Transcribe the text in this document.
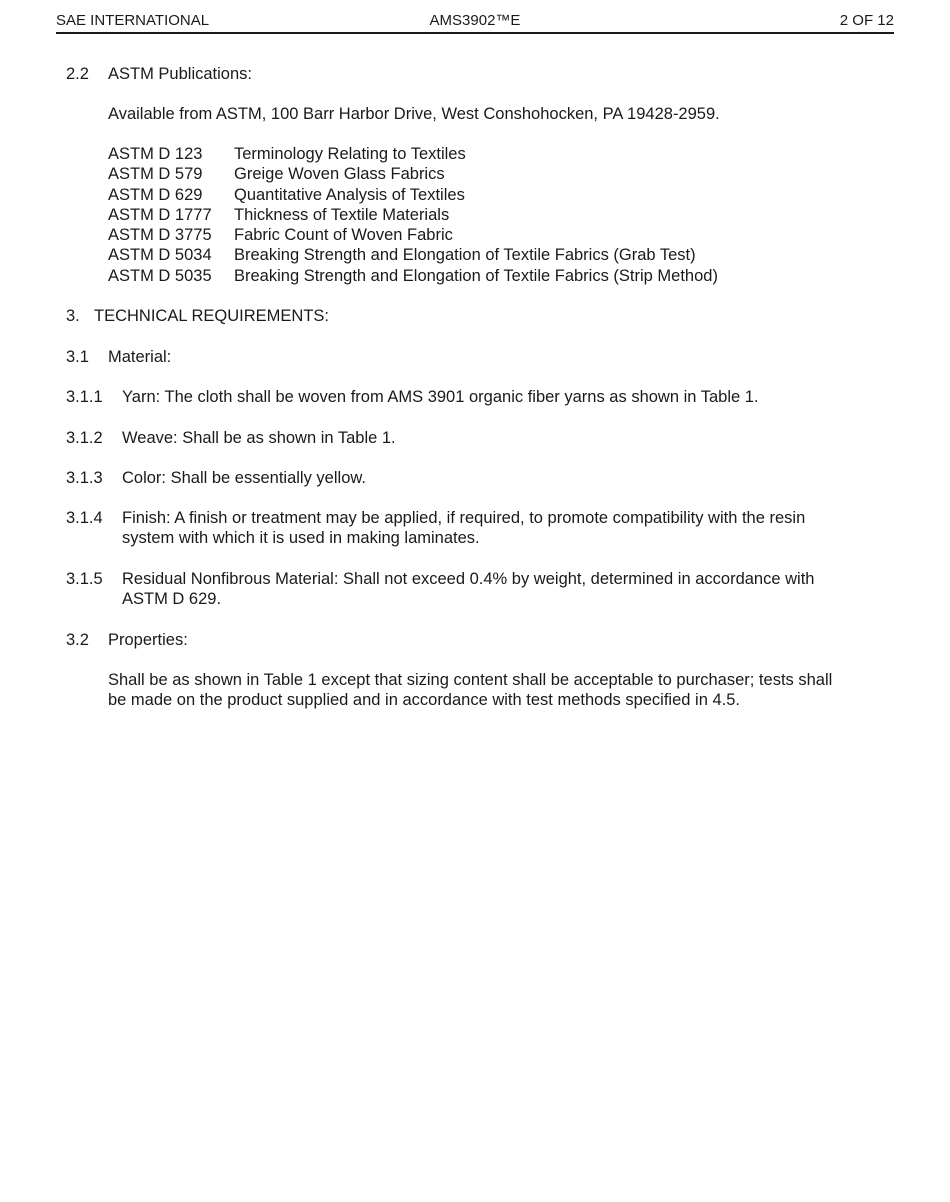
SAE INTERNATIONAL	AMS3902™E	2 OF 12
2.2 ASTM Publications:
Available from ASTM, 100 Barr Harbor Drive, West Conshohocken, PA 19428-2959.
ASTM D 123 Terminology Relating to Textiles
ASTM D 579 Greige Woven Glass Fabrics
ASTM D 629 Quantitative Analysis of Textiles
ASTM D 1777 Thickness of Textile Materials
ASTM D 3775 Fabric Count of Woven Fabric
ASTM D 5034 Breaking Strength and Elongation of Textile Fabrics (Grab Test)
ASTM D 5035 Breaking Strength and Elongation of Textile Fabrics (Strip Method)
3. TECHNICAL REQUIREMENTS:
3.1 Material:
3.1.1 Yarn: The cloth shall be woven from AMS 3901 organic fiber yarns as shown in Table 1.
3.1.2 Weave: Shall be as shown in Table 1.
3.1.3 Color: Shall be essentially yellow.
3.1.4 Finish: A finish or treatment may be applied, if required, to promote compatibility with the resin
system with which it is used in making laminates.
3.1.5 Residual Nonfibrous Material: Shall not exceed 0.4% by weight, determined in accordance with
ASTM D 629.
3.2 Properties:
Shall be as shown in Table 1 except that sizing content shall be acceptable to purchaser; tests shall
be made on the product supplied and in accordance with test methods specified in 4.5.
